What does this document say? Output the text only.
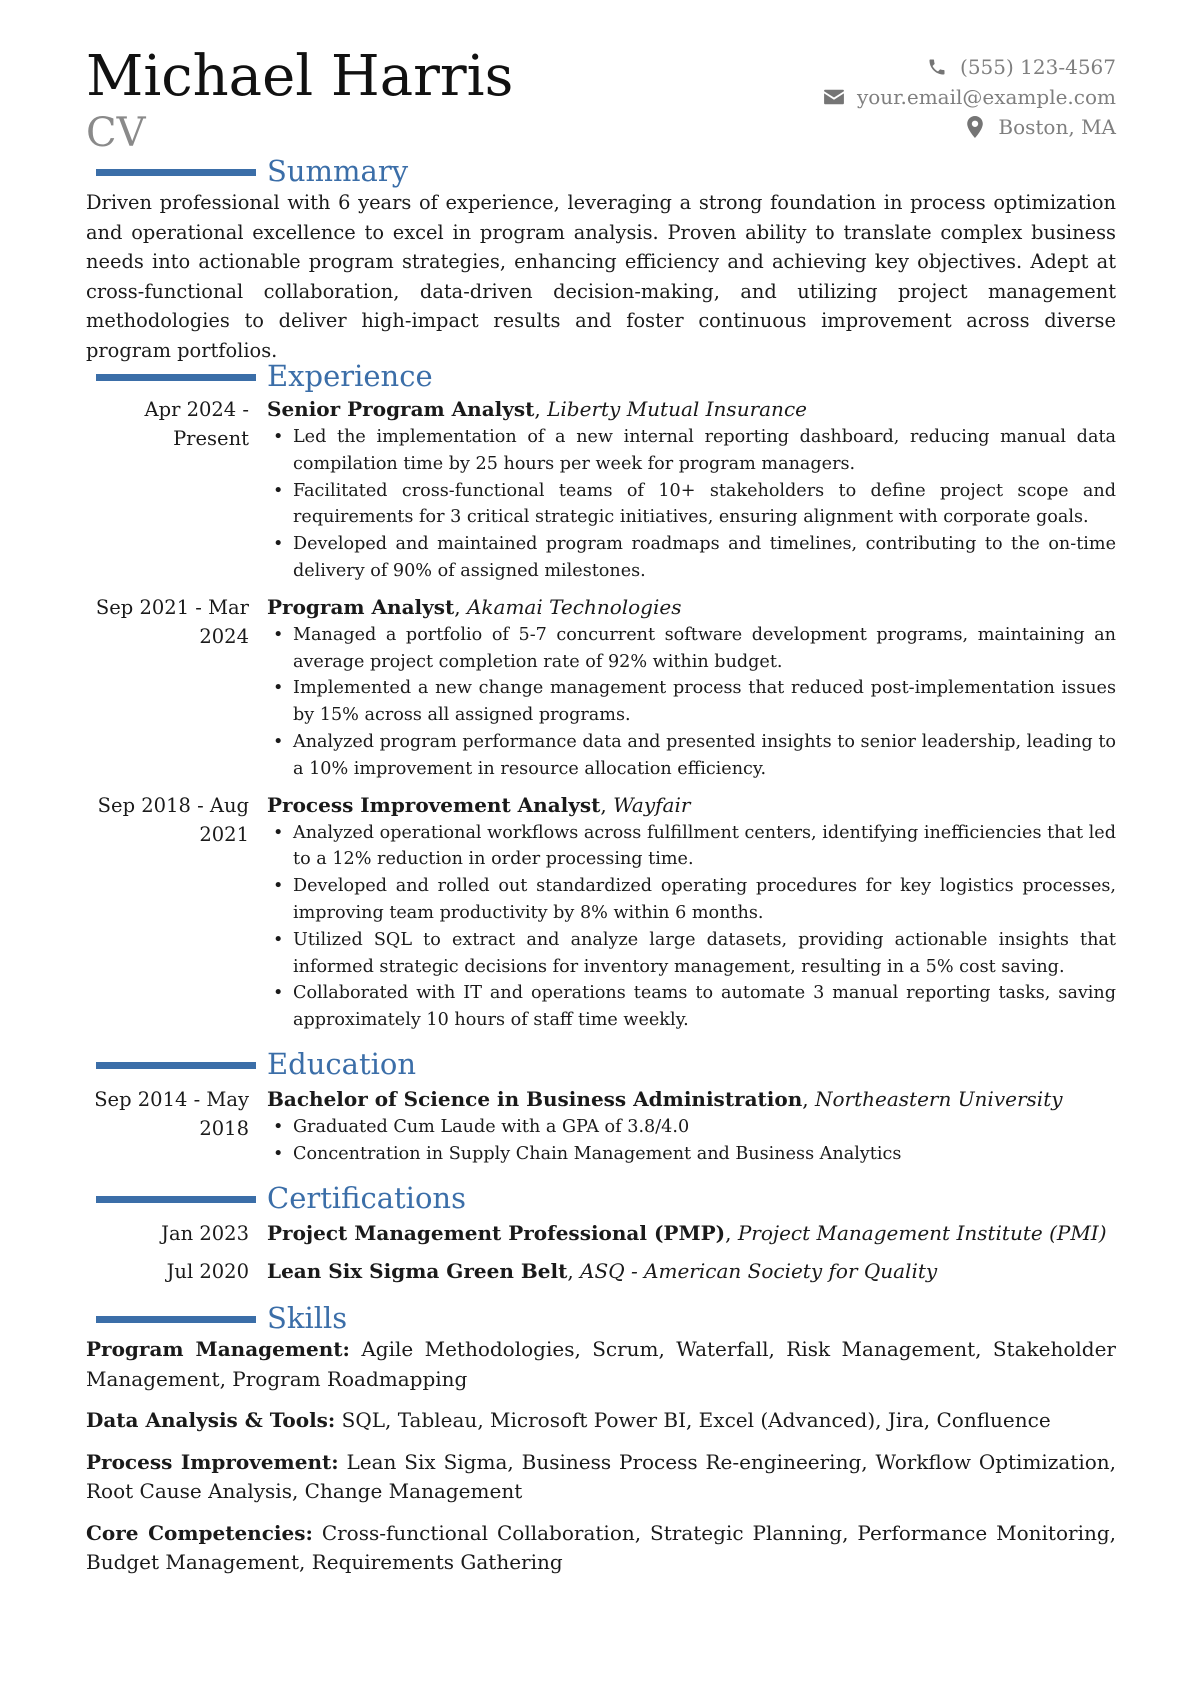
Michael Harris
CV
(555) 123-4567
your.email@example.com
Boston, MA
Summary

Driven professional with 6 years of experience, leveraging a strong foundation in process optimization and operational excellence to excel in program analysis. Proven ability to translate complex business needs into actionable program strategies, enhancing efficiency and achieving key objectives. Adept at cross-functional collaboration, data-driven decision-making, and utilizing project management methodologies to deliver high-impact results and foster continuous improvement across diverse program portfolios.

Experience
Apr 2024 - Present
Senior Program Analyst, Liberty Mutual Insurance
• Led the implementation of a new internal reporting dashboard, reducing manual data compilation time by 25 hours per week for program managers.
• Facilitated cross-functional teams of 10+ stakeholders to define project scope and requirements for 3 critical strategic initiatives, ensuring alignment with corporate goals.
• Developed and maintained program roadmaps and timelines, contributing to the on-time delivery of 90% of assigned milestones.
Sep 2021 - Mar 2024
Program Analyst, Akamai Technologies
• Managed a portfolio of 5-7 concurrent software development programs, maintaining an average project completion rate of 92% within budget.
• Implemented a new change management process that reduced post-implementation issues by 15% across all assigned programs.
• Analyzed program performance data and presented insights to senior leadership, leading to a 10% improvement in resource allocation efficiency.
Sep 2018 - Aug 2021
Process Improvement Analyst, Wayfair
• Analyzed operational workflows across fulfillment centers, identifying inefficiencies that led to a 12% reduction in order processing time.
• Developed and rolled out standardized operating procedures for key logistics processes, improving team productivity by 8% within 6 months.
• Utilized SQL to extract and analyze large datasets, providing actionable insights that informed strategic decisions for inventory management, resulting in a 5% cost saving.
• Collaborated with IT and operations teams to automate 3 manual reporting tasks, saving approximately 10 hours of staff time weekly.
Education
Sep 2014 - May 2018
Bachelor of Science in Business Administration, Northeastern University
• Graduated Cum Laude with a GPA of 3.8/4.0
• Concentration in Supply Chain Management and Business Analytics
Certifications
Jan 2023 Project Management Professional (PMP), Project Management Institute (PMI)
Jul 2020 Lean Six Sigma Green Belt, ASQ - American Society for Quality
Skills

Program Management: Agile Methodologies, Scrum, Waterfall, Risk Management, Stakeholder Management, Program Roadmapping

Data Analysis & Tools: SQL, Tableau, Microsoft Power BI, Excel (Advanced), Jira, Confluence

Process Improvement: Lean Six Sigma, Business Process Re-engineering, Workflow Optimization, Root Cause Analysis, Change Management

Core Competencies: Cross-functional Collaboration, Strategic Planning, Performance Monitoring, Budget Management, Requirements Gathering
